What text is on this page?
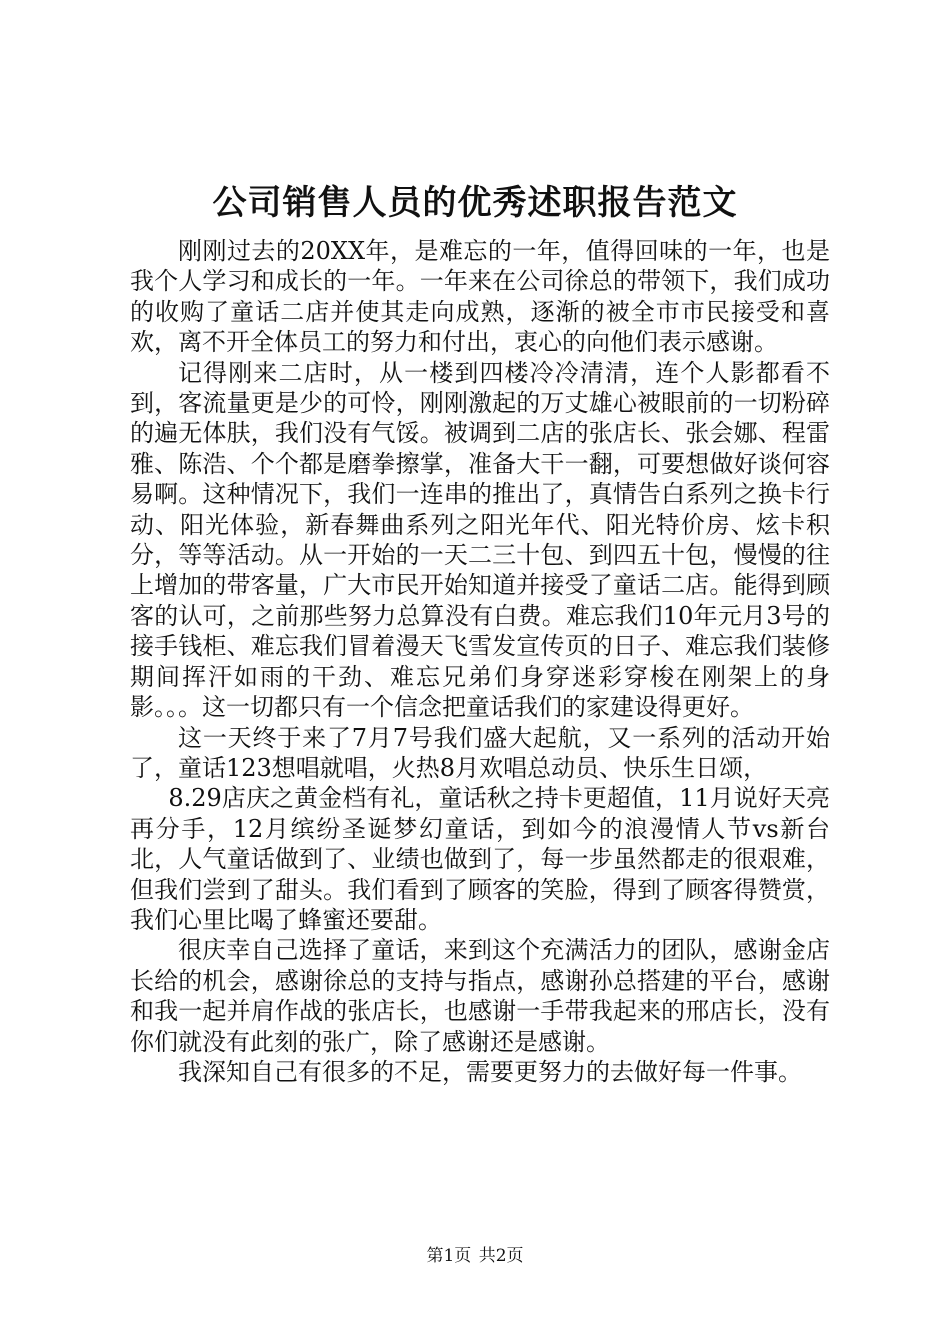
公司销售人员的优秀述职报告范文

刚刚过去的20XX年，是难忘的一年，值得回味的一年，也是我个人学习和成长的一年。一年来在公司徐总的带领下，我们成功的收购了童话二店并使其走向成熟，逐渐的被全市市民接受和喜欢，离不开全体员工的努力和付出，衷心的向他们表示感谢。

记得刚来二店时，从一楼到四楼冷冷清清，连个人影都看不到，客流量更是少的可怜，刚刚激起的万丈雄心被眼前的一切粉碎的遍无体肤，我们没有气馁。被调到二店的张店长、张会娜、程雷雅、陈浩、个个都是磨拳擦掌，准备大干一翻，可要想做好谈何容易啊。这种情况下，我们一连串的推出了，真情告白系列之换卡行动、阳光体验，新春舞曲系列之阳光年代、阳光特价房、炫卡积分，等等活动。从一开始的一天二三十包、到四五十包，慢慢的往上增加的带客量，广大市民开始知道并接受了童话二店。能得到顾客的认可，之前那些努力总算没有白费。难忘我们10年元月3号的接手钱柜、难忘我们冒着漫天飞雪发宣传页的日子、难忘我们装修期间挥汗如雨的干劲、难忘兄弟们身穿迷彩穿梭在刚架上的身影。。。这一切都只有一个信念把童话我们的家建设得更好。

这一天终于来了7月7号我们盛大起航，又一系列的活动开始了，童话123想唱就唱，火热8月欢唱总动员、快乐生日颂，

8.29店庆之黄金档有礼，童话秋之持卡更超值，11月说好天亮再分手，12月缤纷圣诞梦幻童话，到如今的浪漫情人节vs新台北，人气童话做到了、业绩也做到了，每一步虽然都走的很艰难，但我们尝到了甜头。我们看到了顾客的笑脸，得到了顾客得赞赏，我们心里比喝了蜂蜜还要甜。

很庆幸自己选择了童话，来到这个充满活力的团队，感谢金店长给的机会，感谢徐总的支持与指点，感谢孙总搭建的平台，感谢和我一起并肩作战的张店长，也感谢一手带我起来的邢店长，没有你们就没有此刻的张广，除了感谢还是感谢。

我深知自己有很多的不足，需要更努力的去做好每一件事。

第1页 共2页
